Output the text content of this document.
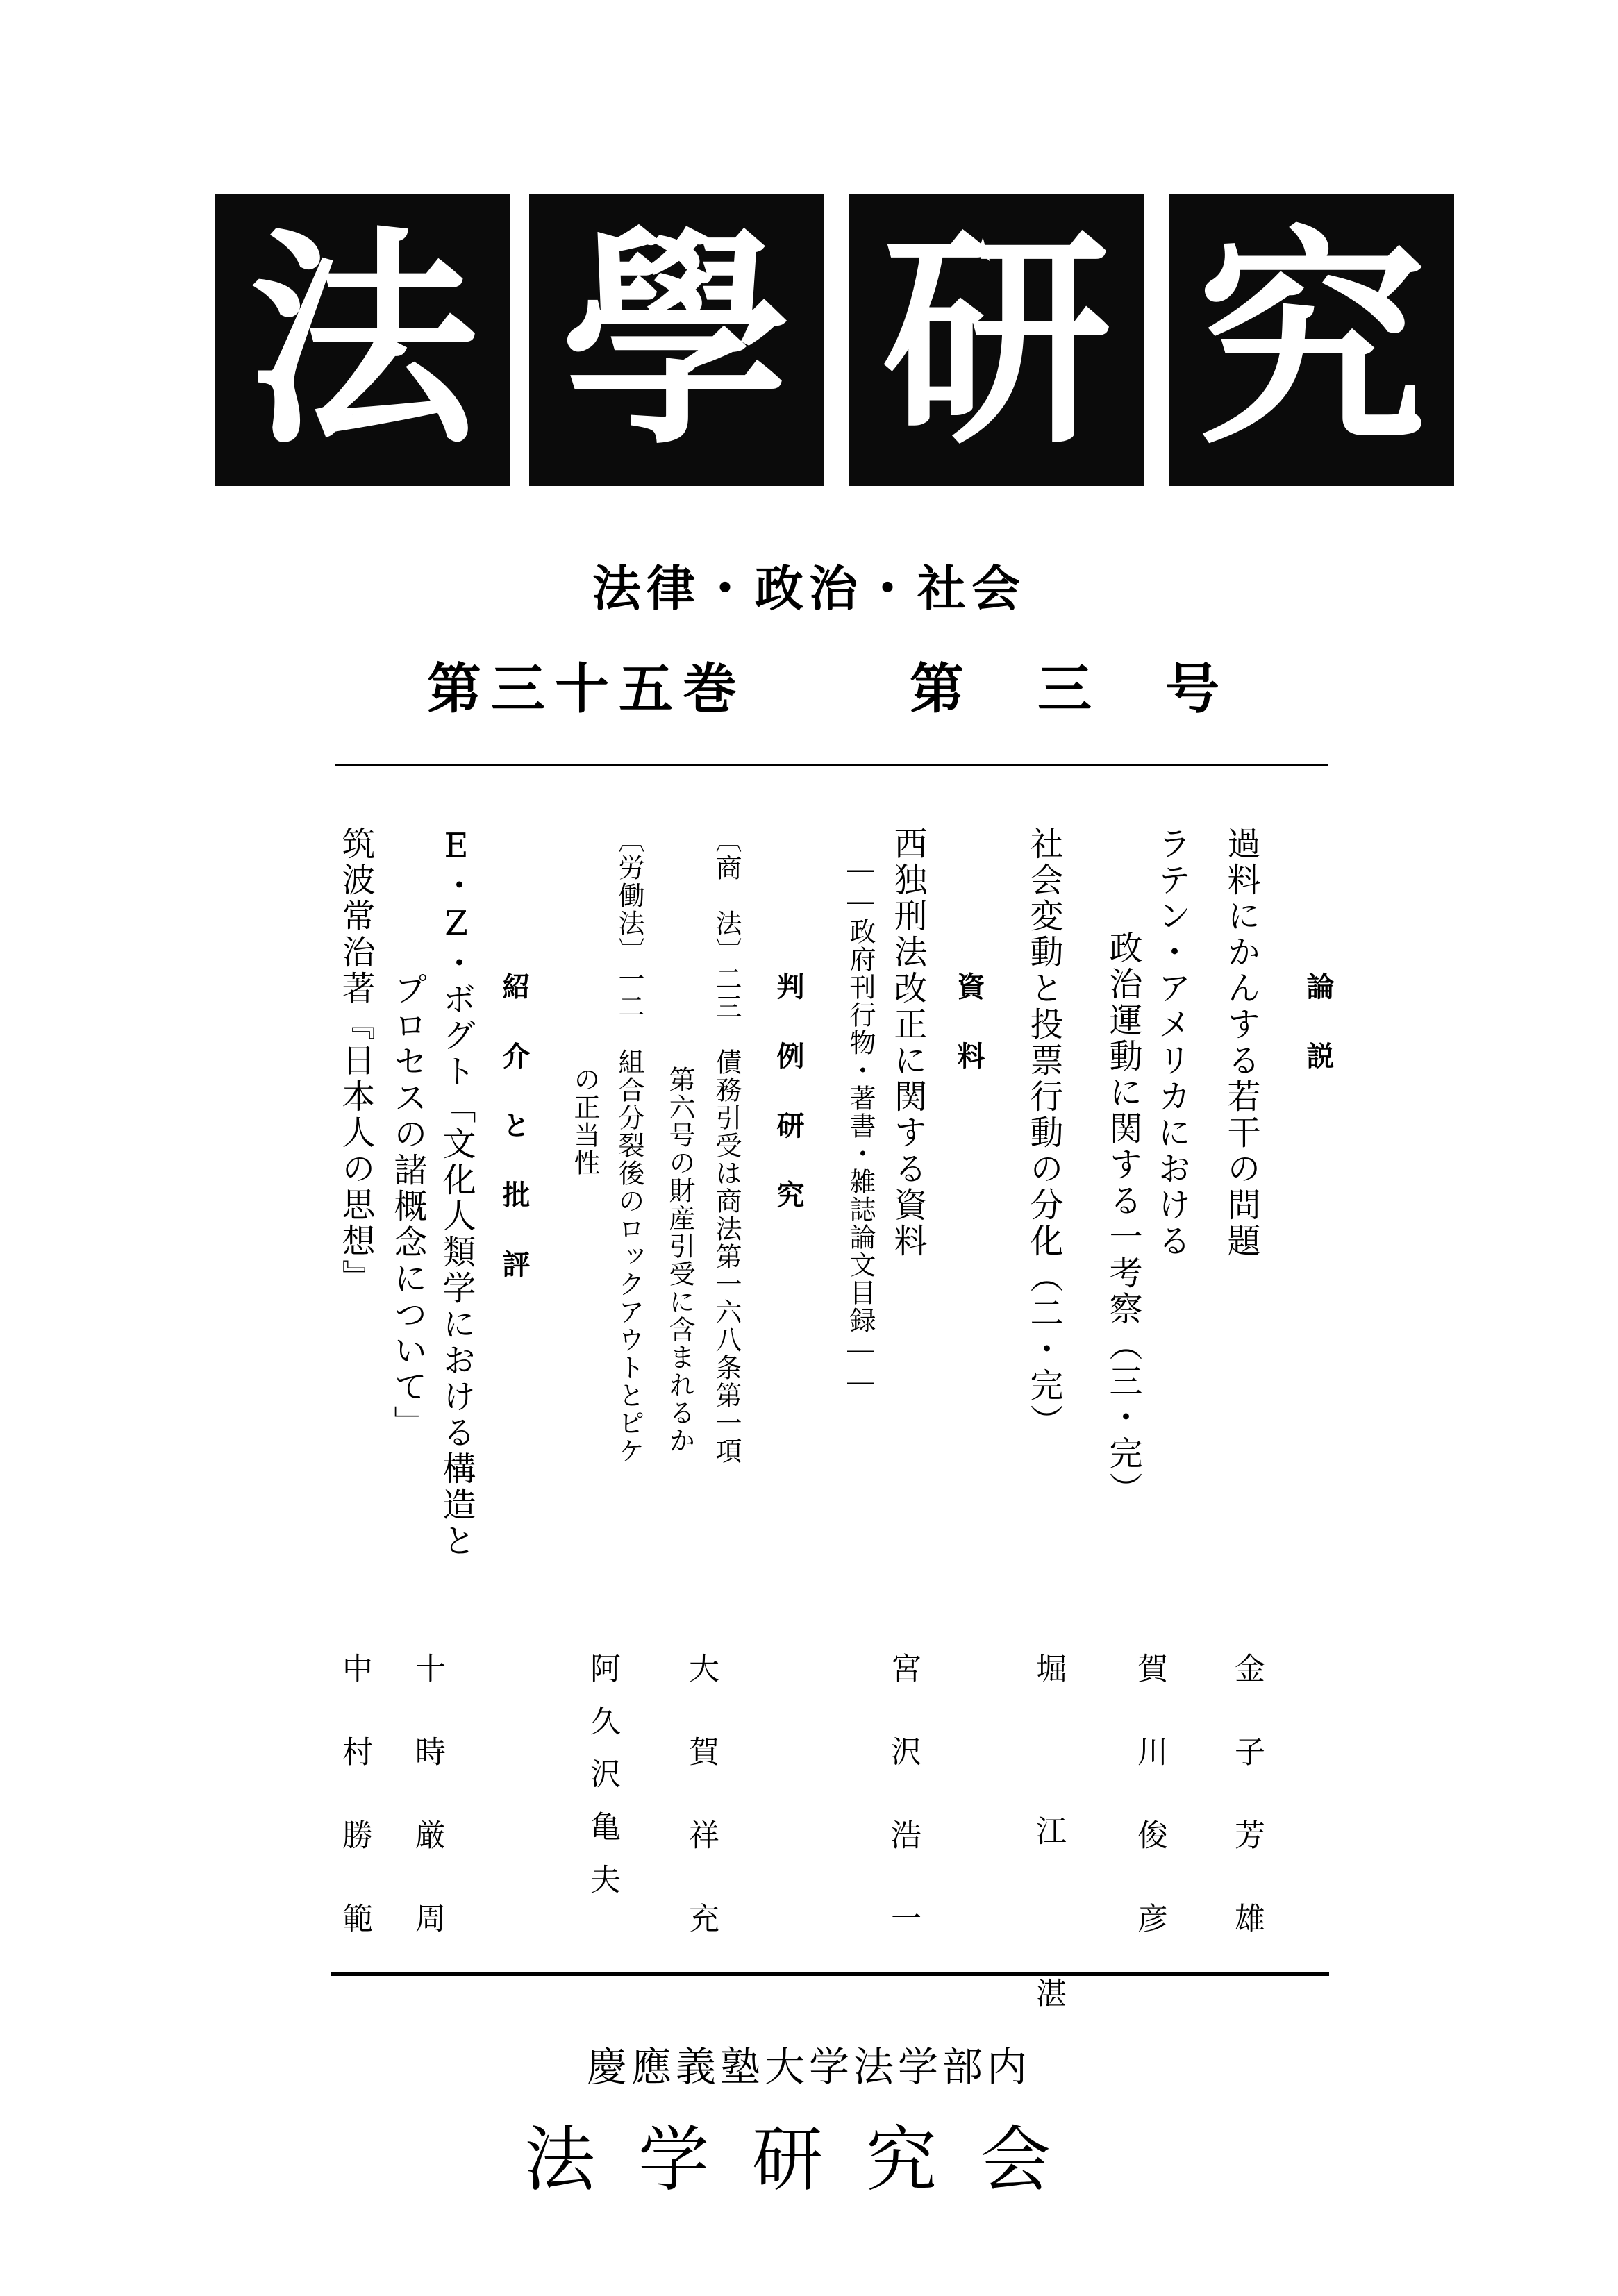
法 學 研 究
法律・政治・社会
第三十五巻	第　三　号
論説
過料にかんする若干の問題
ラテン・アメリカにおける
政治運動に関する一考察（三・完）
社会変動と投票行動の分化（二・完）
資料
西独刑法改正に関する資料
――政府刊行物・著書・雑誌論文目録――
判例研究
〔商　法〕二三　債務引受は商法第一六八条第一項
第六号の財産引受に含まれるか
〔労働法〕一二　組合分裂後のロックアウトとピケ
の正当性
紹介と批評
E・Z・ボグト「文化人類学における構造と
プロセスの諸概念について」
筑波常治著『日本人の思想』
金子芳雄
賀川俊彦
堀江湛
宮沢浩一
大賀祥充
阿久沢亀夫
十時厳周
中村勝範
慶應義塾大学法学部内
法学研究会
